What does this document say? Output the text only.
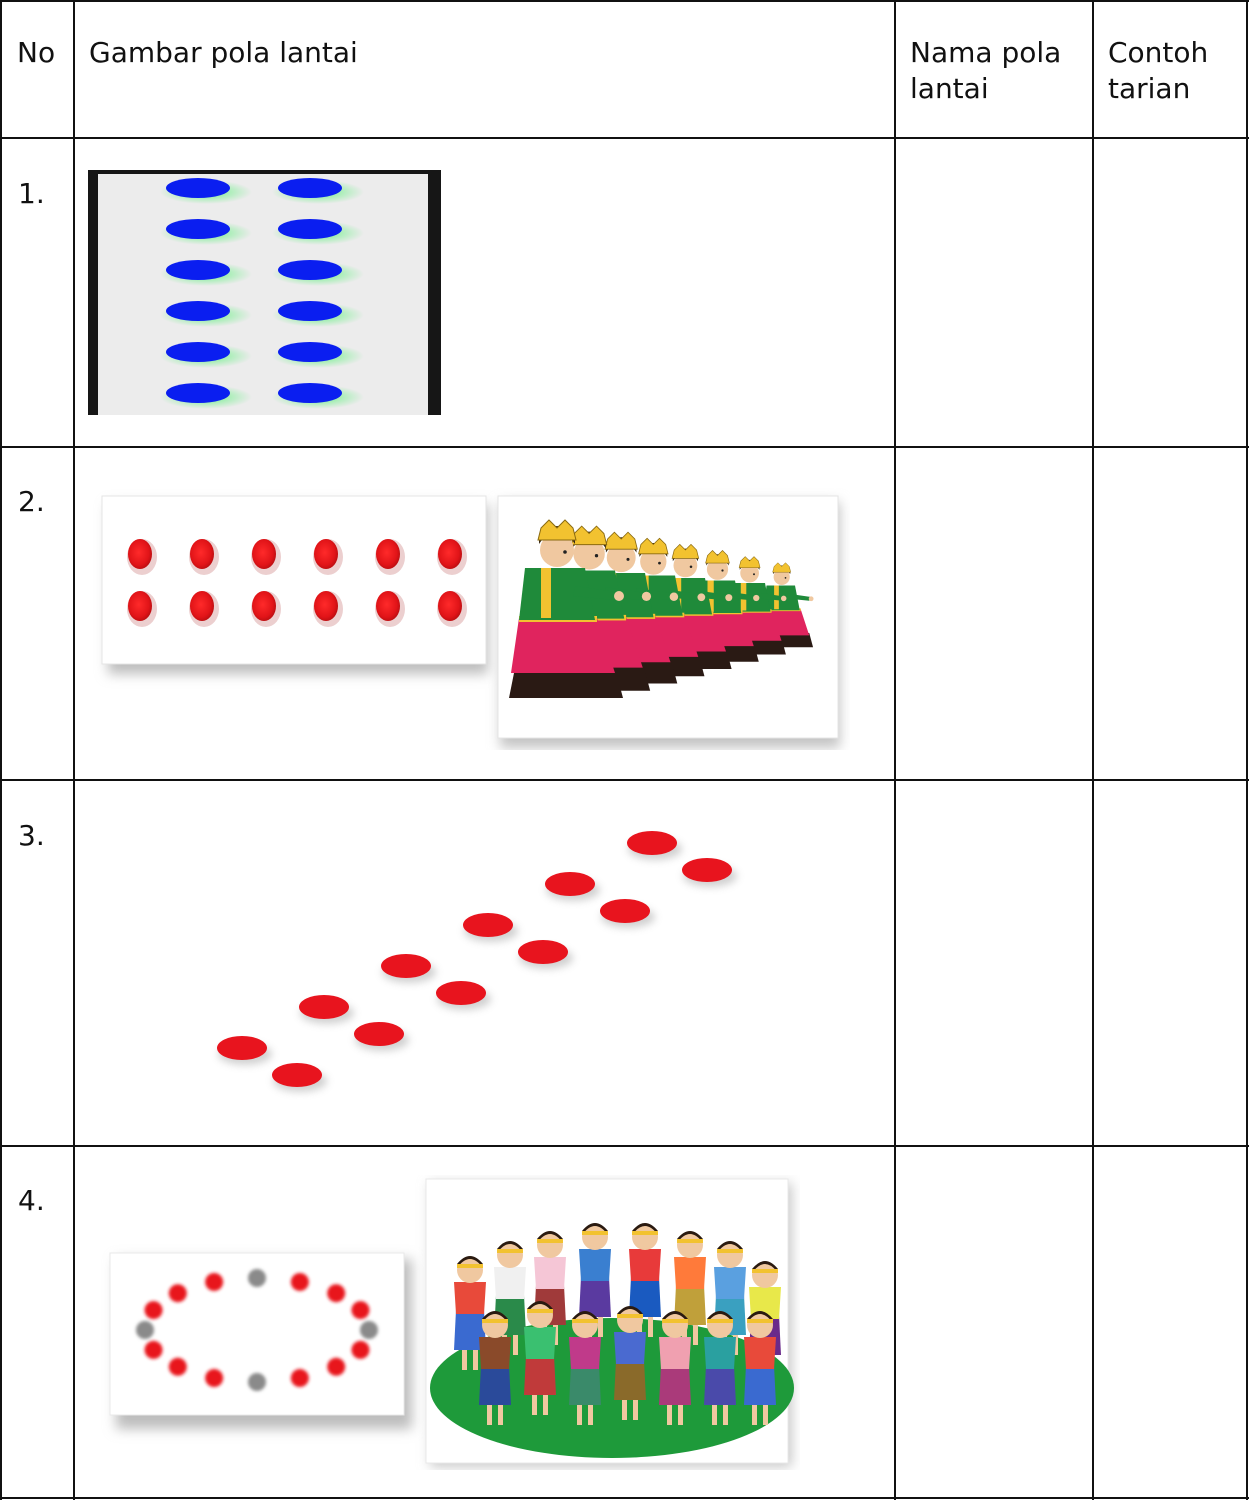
No Gambar pola lantai	Nama pola lantai
Contoh tarian
1.
2.
3.
4.
